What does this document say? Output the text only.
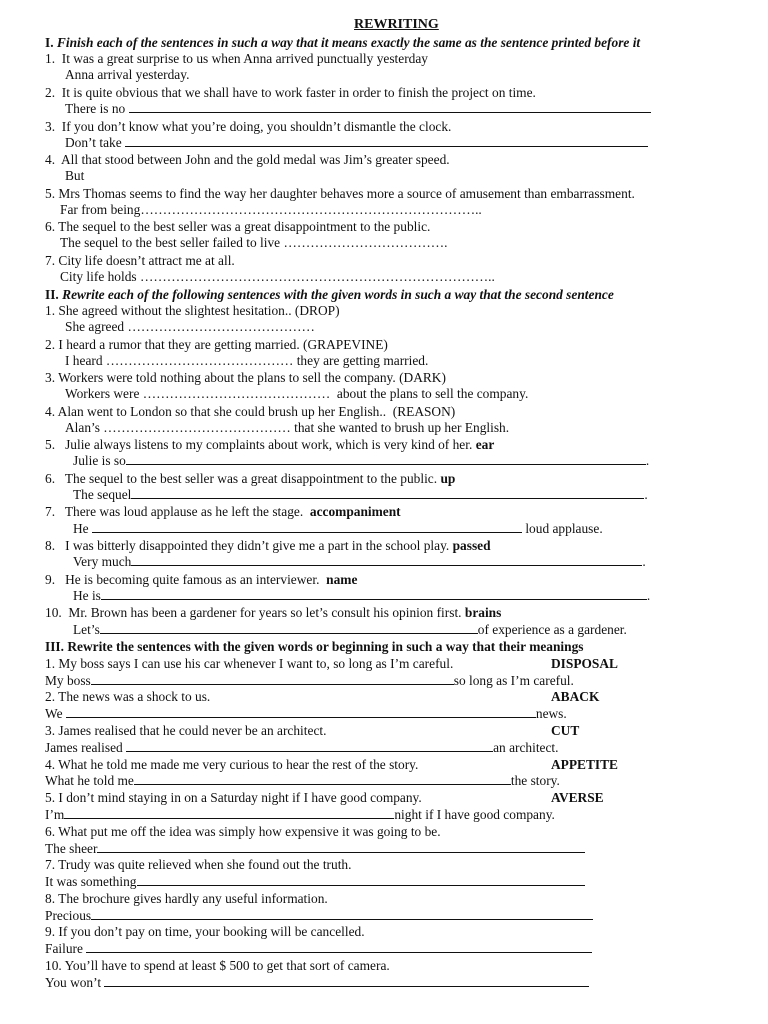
REWRITING
I. Finish each of the sentences in such a way that it means exactly the same as the sentence printed before it
1.  It was a great surprise to us when Anna arrived punctually yesterday
Anna arrival yesterday.
2.  It is quite obvious that we shall have to work faster in order to finish the project on time.
There is no
3.  If you don’t know what you’re doing, you shouldn’t dismantle the clock.
Don’t take
4.  All that stood between John and the gold medal was Jim’s greater speed.
But
5. Mrs Thomas seems to find the way her daughter behaves more a source of amusement than embarrassment.
Far from being…………………………………………………………………..
6. The sequel to the best seller was a great disappointment to the public.
The sequel to the best seller failed to live ……………………………….
7. City life doesn’t attract me at all.
City life holds ……………………………………………………………………..
II. Rewrite each of the following sentences with the given words in such a way that the second sentence
1. She agreed without the slightest hesitation.. (DROP)
She agreed ……………………………………
2. I heard a rumor that they are getting married. (GRAPEVINE)
I heard …………………………………… they are getting married.
3. Workers were told nothing about the plans to sell the company. (DARK)
Workers were ……………………………………  about the plans to sell the company.
4. Alan went to London so that she could brush up her English..  (REASON)
Alan’s …………………………………… that she wanted to brush up her English.
5.   Julie always listens to my complaints about work, which is very kind of her. ear
Julie is so	.
6.   The sequel to the best seller was a great disappointment to the public. up
The sequel	.
7.   There was loud applause as he left the stage. accompaniment
He	loud applause.
8.   I was bitterly disappointed they didn’t give me a part in the school play. passed
Very much	.
9.   He is becoming quite famous as an interviewer. name
He is	.
10.  Mr. Brown has been a gardener for years so let’s consult his opinion first. brains
Let’s	of experience as a gardener.
III. Rewrite the sentences with the given words or beginning in such a way that their meanings
1. My boss says I can use his car whenever I want to, so long as I’m careful.	DISPOSAL
My boss	so long as I’m careful.
2. The news was a shock to us.	ABACK
We	news.
3. James realised that he could never be an architect.	CUT
James realised	an architect.
4. What he told me made me very curious to hear the rest of the story.	APPETITE
What he told me	the story.
5. I don’t mind staying in on a Saturday night if I have good company.	AVERSE
I’m	night if I have good company.
6. What put me off the idea was simply how expensive it was going to be.
The sheer
7. Trudy was quite relieved when she found out the truth.
It was something
8. The brochure gives hardly any useful information.
Precious
9. If you don’t pay on time, your booking will be cancelled.
Failure
10. You’ll have to spend at least $ 500 to get that sort of camera.
You won’t
